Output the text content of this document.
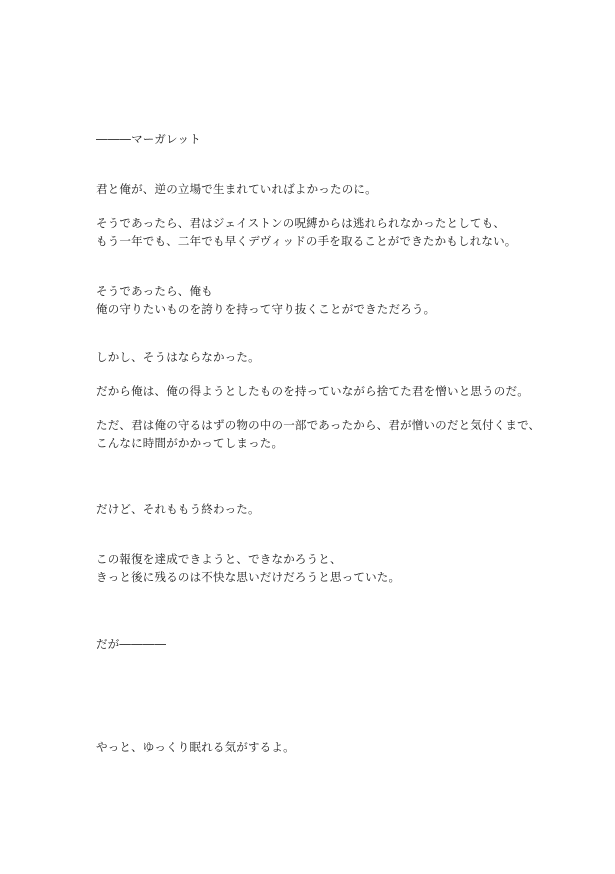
―――マーガレット

君と俺が、逆の立場で生まれていればよかったのに。

そうであったら、君はジェイストンの呪縛からは逃れられなかったとしても、

もう一年でも、二年でも早くデヴィッドの手を取ることができたかもしれない。

そうであったら、俺も

俺の守りたいものを誇りを持って守り抜くことができただろう。

しかし、そうはならなかった。

だから俺は、俺の得ようとしたものを持っていながら捨てた君を憎いと思うのだ。

ただ、君は俺の守るはずの物の中の一部であったから、君が憎いのだと気付くまで、

こんなに時間がかかってしまった。

だけど、それももう終わった。

この報復を達成できようと、できなかろうと、

きっと後に残るのは不快な思いだけだろうと思っていた。

だが――――

やっと、ゆっくり眠れる気がするよ。
